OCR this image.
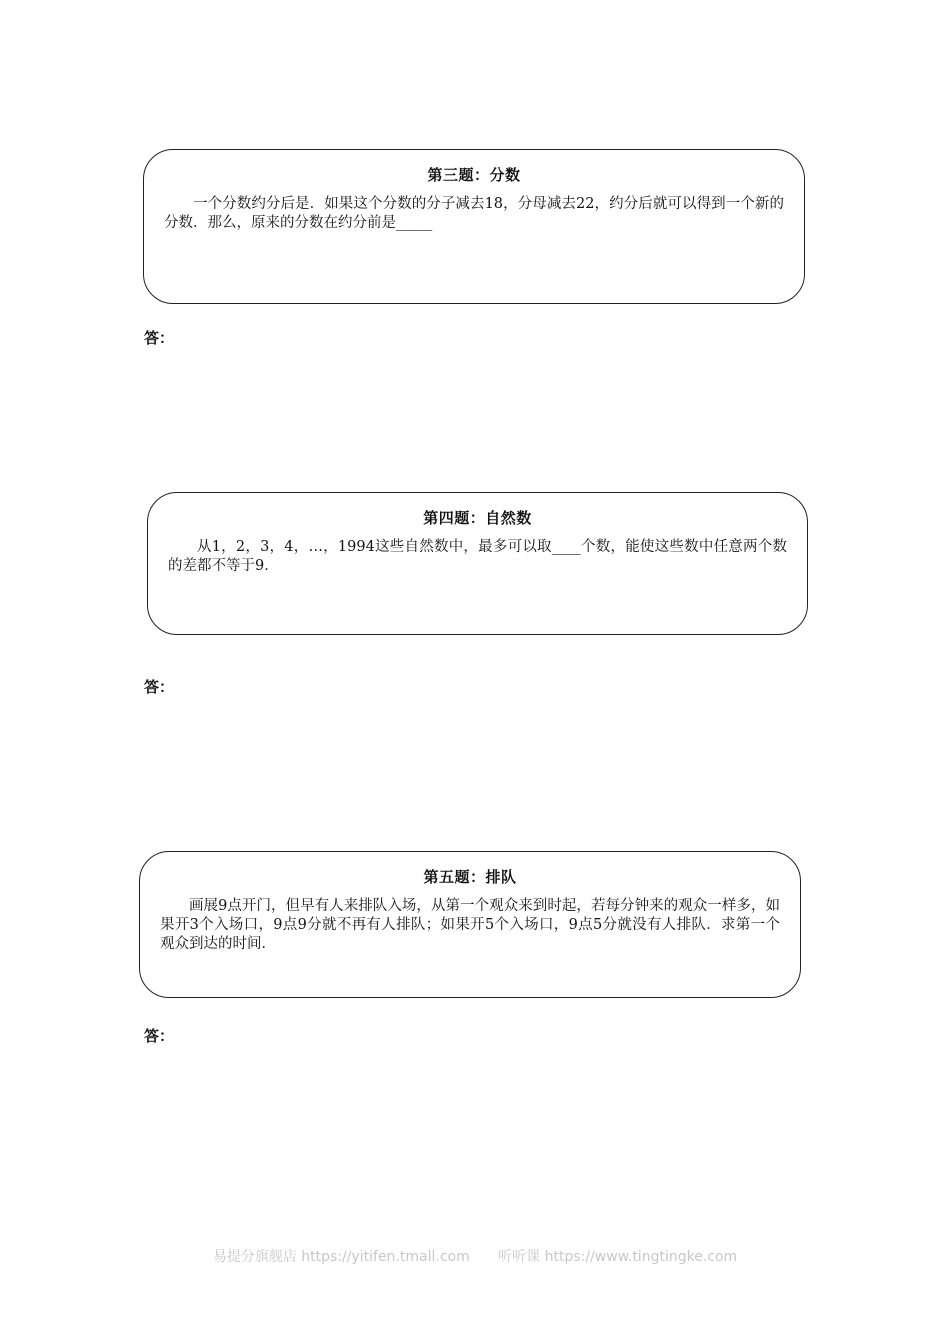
第三题：分数
一个分数约分后是．如果这个分数的分子减去18，分母减去22，约分后就可以得到一个新的分数．那么，原来的分数在约分前是_____
答：
第四题：自然数
从1，2，3，4，…，1994这些自然数中，最多可以取____个数，能使这些数中任意两个数的差都不等于9．
答：
第五题：排队
画展9点开门，但早有人来排队入场，从第一个观众来到时起，若每分钟来的观众一样多，如果开3个入场口，9点9分就不再有人排队；如果开5个入场口，9点5分就没有人排队．求第一个观众到达的时间．
答：
易提分旗舰店 https://yitifen.tmall.com 听听课 https://www.tingtingke.com
